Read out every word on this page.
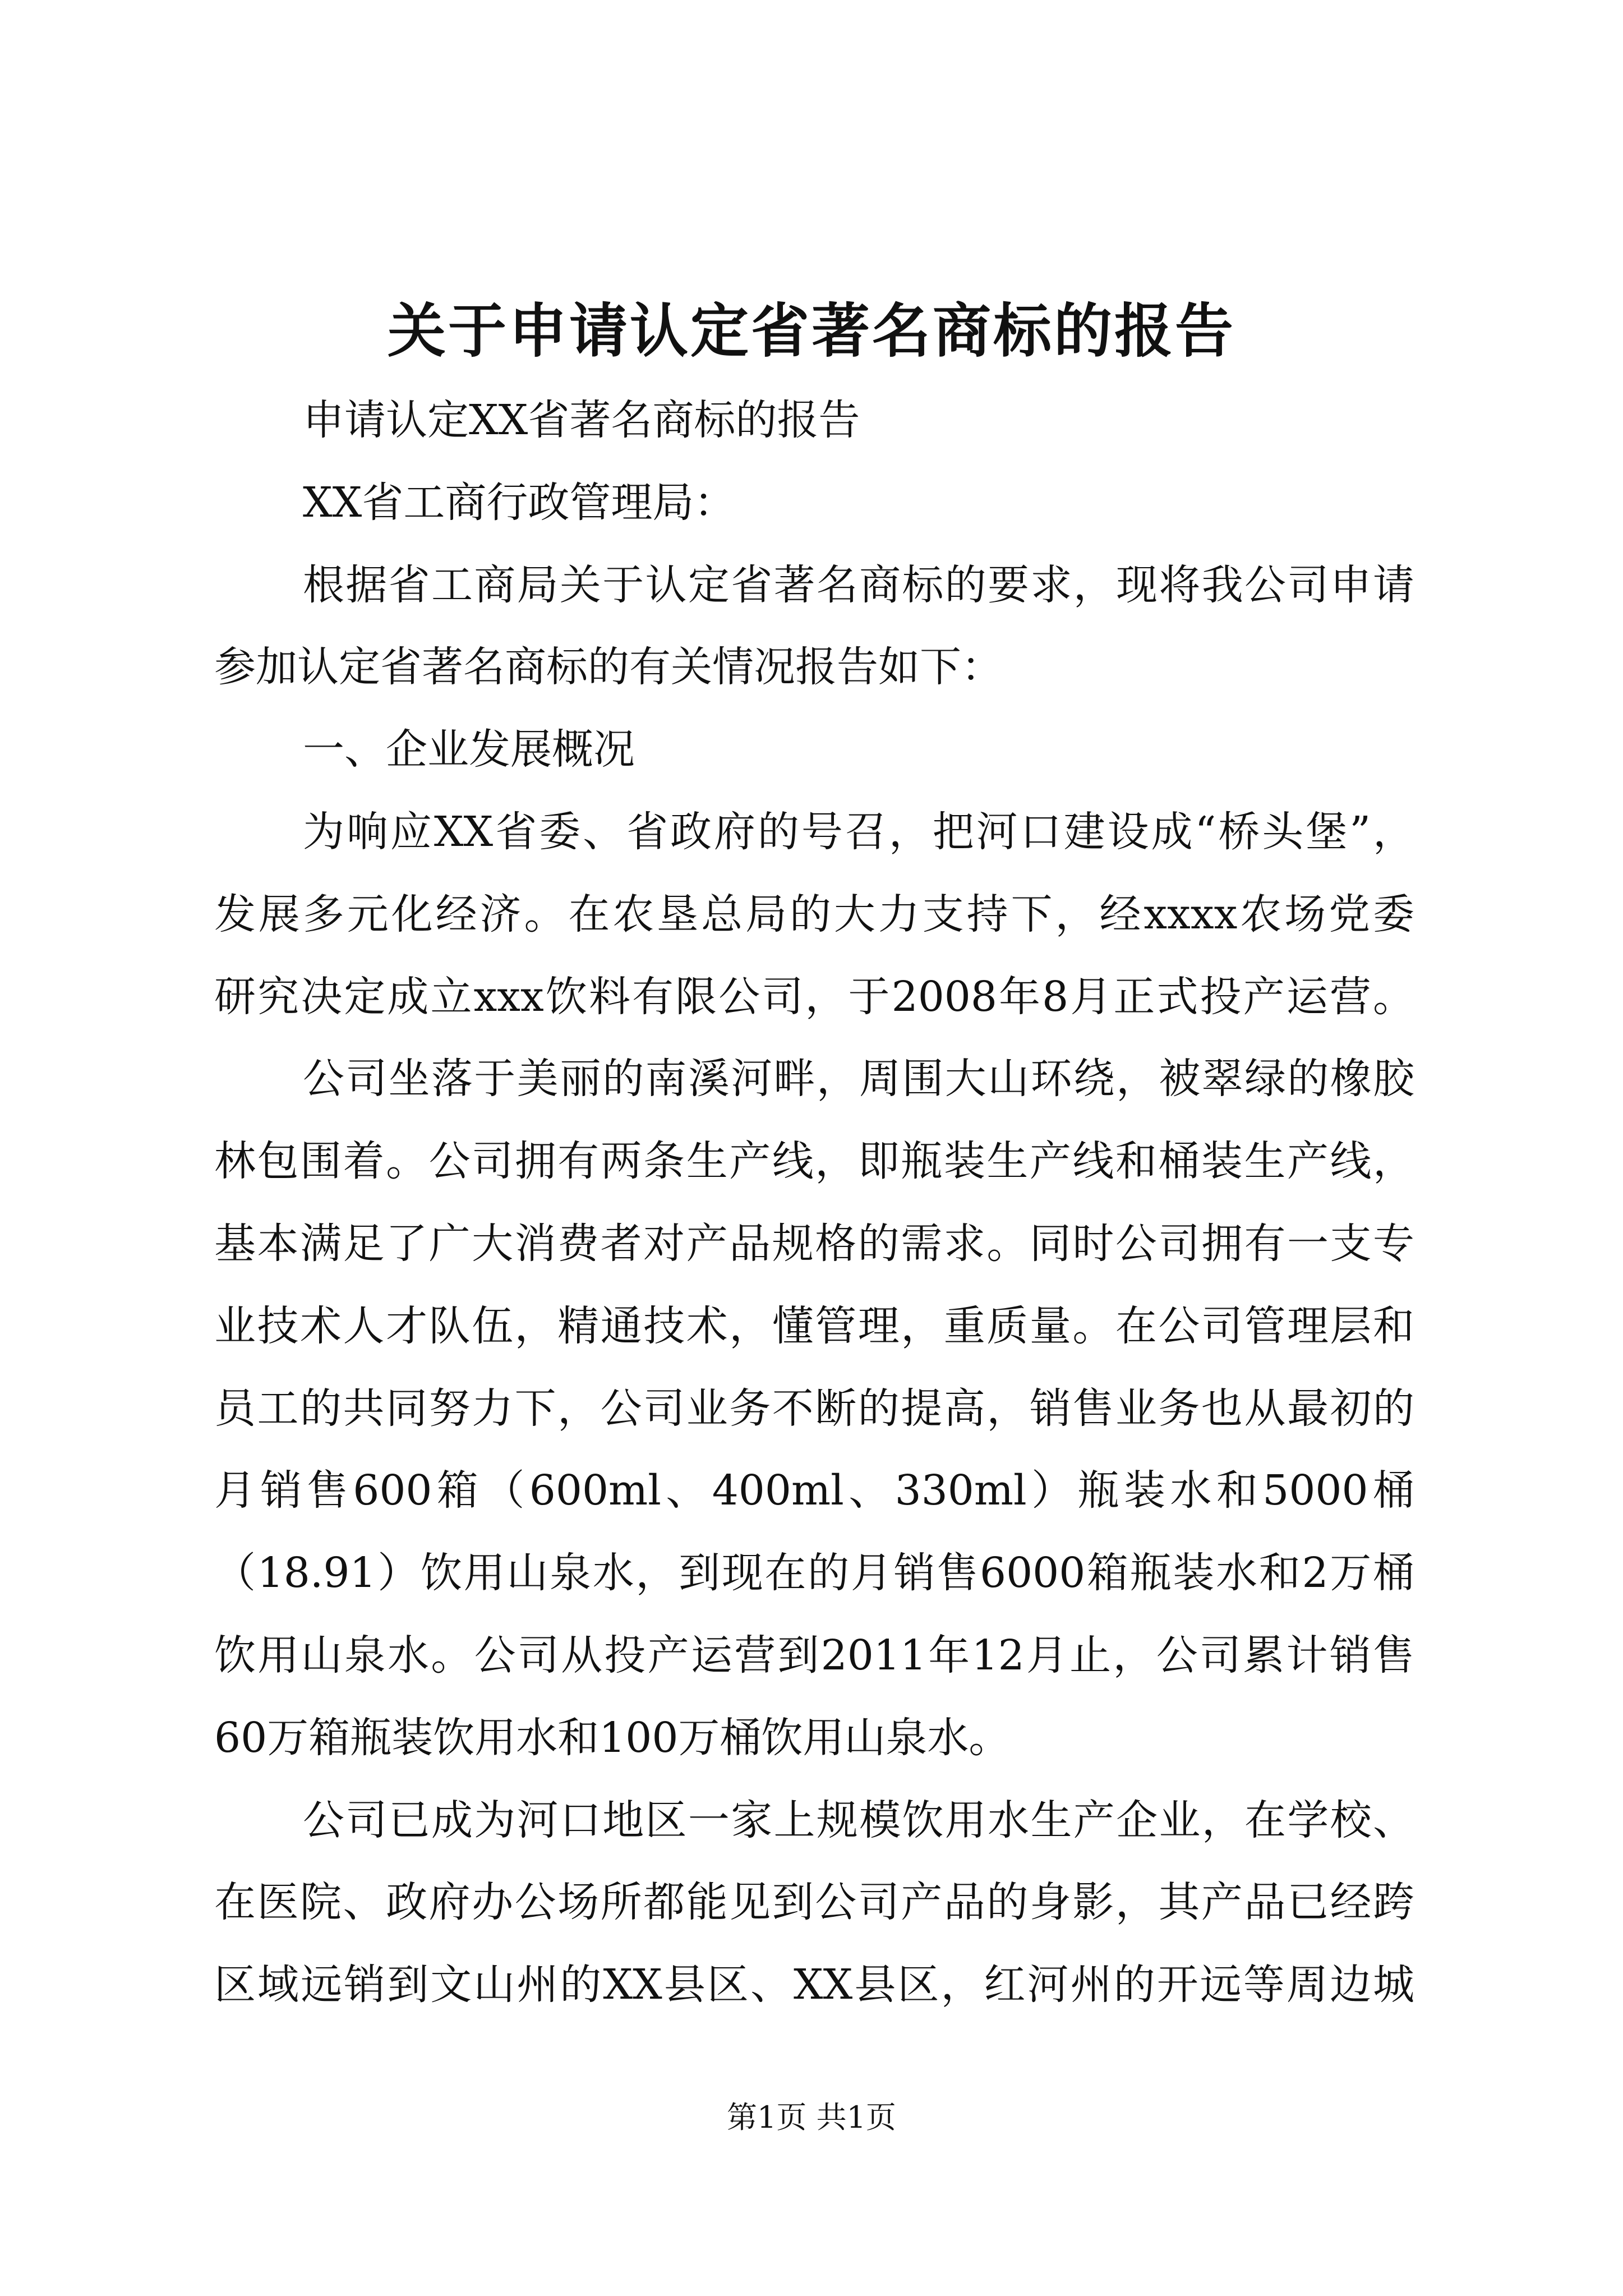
关于申请认定省著名商标的报告
申请认定XX省著名商标的报告
XX省工商行政管理局：
根据省工商局关于认定省著名商标的要求，现将我公司申请
参加认定省著名商标的有关情况报告如下：
一、企业发展概况
为响应XX省委、省政府的号召，把河口建设成“桥头堡”，
发展多元化经济。在农垦总局的大力支持下，经xxxx农场党委
研究决定成立xxx饮料有限公司，于2008年8月正式投产运营。
公司坐落于美丽的南溪河畔，周围大山环绕，被翠绿的橡胶
林包围着。公司拥有两条生产线，即瓶装生产线和桶装生产线，
基本满足了广大消费者对产品规格的需求。同时公司拥有一支专
业技术人才队伍，精通技术，懂管理，重质量。在公司管理层和
员工的共同努力下，公司业务不断的提高，销售业务也从最初的
月销售600箱（600ml、400ml、330ml）瓶装水和5000桶
（18.91）饮用山泉水，到现在的月销售6000箱瓶装水和2万桶
饮用山泉水。公司从投产运营到2011年12月止，公司累计销售
60万箱瓶装饮用水和100万桶饮用山泉水。
公司已成为河口地区一家上规模饮用水生产企业，在学校、
在医院、政府办公场所都能见到公司产品的身影，其产品已经跨
区域远销到文山州的XX县区、XX县区，红河州的开远等周边城
第1页 共1页
